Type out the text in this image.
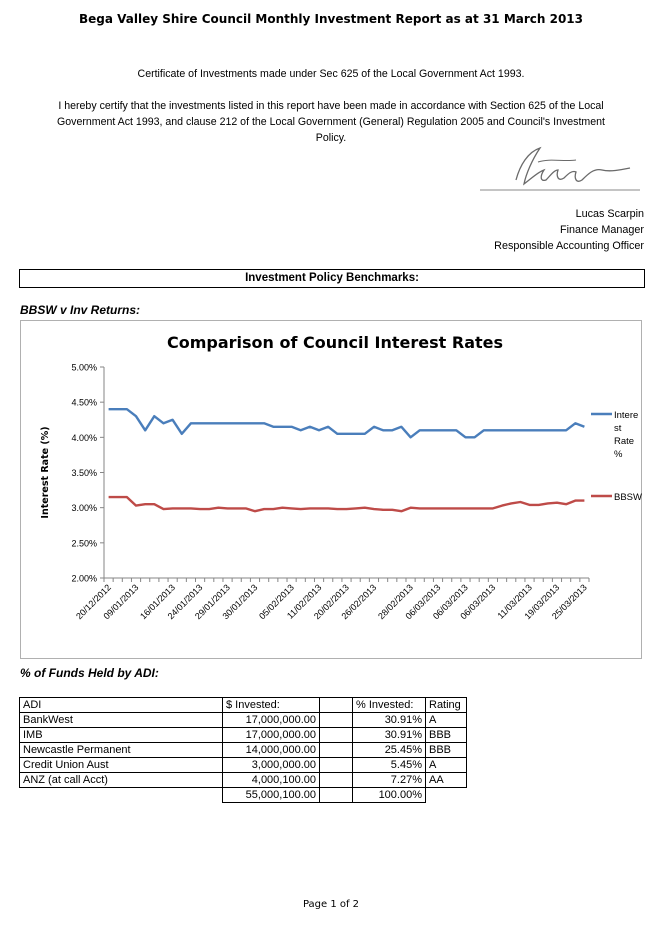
Bega Valley Shire Council Monthly Investment Report as at 31 March 2013
Certificate of Investments made under Sec 625 of the Local Government Act 1993.
I hereby certify that the investments listed in this report have been made in accordance with Section 625 of the Local
Government Act 1993, and clause 212 of the Local Government (General) Regulation 2005 and Council's Investment
Policy.
Lucas Scarpin
Finance Manager
Responsible Accounting Officer
Investment Policy Benchmarks:
BBSW v Inv Returns:
Comparison of Council Interest Rates
Interest Rate (%)
2.00%
2.50%
3.00%
3.50%
4.00%
4.50%
5.00%
20/12/2012
09/01/2013
16/01/2013
24/01/2013
29/01/2013
30/01/2013
05/02/2013
11/02/2013
20/02/2013
26/02/2013
28/02/2013
06/03/2013
06/03/2013
06/03/2013
11/03/2013
19/03/2013
25/03/2013
Intere
st
Rate
%
BBSW
% of Funds Held by ADI:
ADI	$ Invested:		% Invested:	Rating
BankWest	17,000,000.00		30.91%	A
IMB	17,000,000.00		30.91%	BBB
Newcastle Permanent	14,000,000.00		25.45%	BBB
Credit Union Aust	3,000,000.00		5.45%	A
ANZ (at call Acct)	4,000,100.00		7.27%	AA
	55,000,100.00		100.00%	
Page 1 of 2
